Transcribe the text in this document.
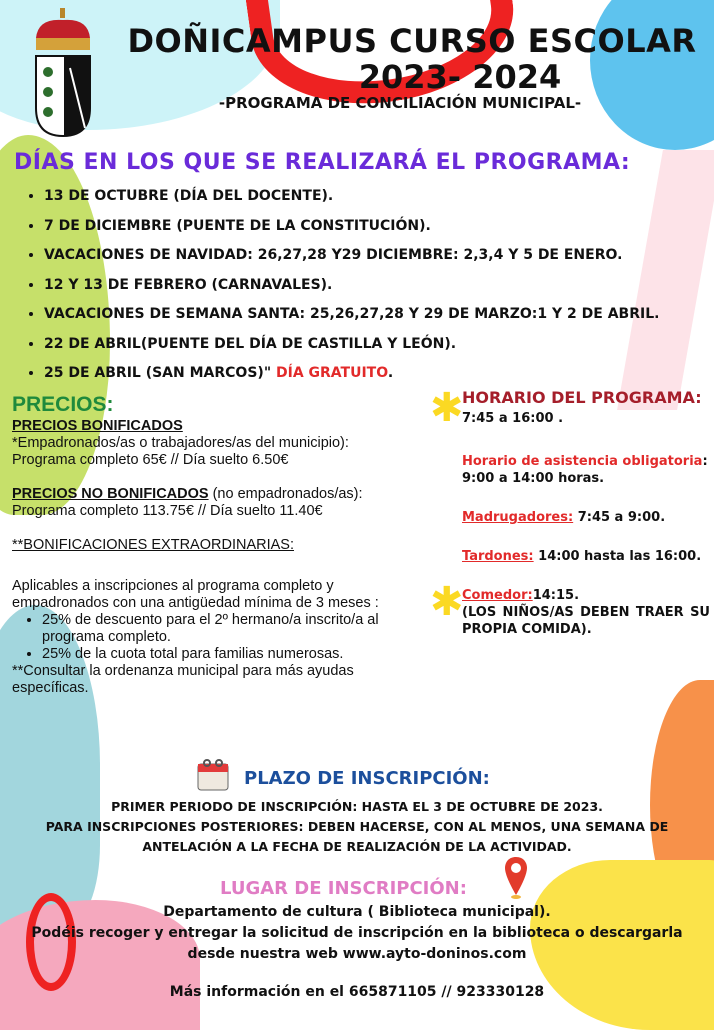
✱
✱
DOÑICAMPUS CURSO ESCOLAR
2023- 2024
-PROGRAMA DE CONCILIACIÓN MUNICIPAL-
DÍAS EN LOS QUE SE REALIZARÁ EL PROGRAMA:
• 13 DE OCTUBRE (DÍA DEL DOCENTE).
• 7 DE DICIEMBRE (PUENTE DE LA CONSTITUCIÓN).
• VACACIONES DE NAVIDAD: 26,27,28 Y29 DICIEMBRE: 2,3,4 Y 5 DE ENERO.
• 12 Y 13 DE FEBRERO (CARNAVALES).
• VACACIONES DE SEMANA SANTA: 25,26,27,28 Y 29 DE MARZO:1 Y 2 DE ABRIL.
• 22 DE ABRIL(PUENTE DEL DÍA DE CASTILLA Y LEÓN).
• 25 DE ABRIL (SAN MARCOS)" DÍA GRATUITO.
PRECIOS:
PRECIOS BONIFICADOS
*Empadronados/as o trabajadores/as del municipio):
Programa completo 65€ // Día suelto 6.50€
PRECIOS NO BONIFICADOS (no empadronados/as):
Programa completo 113.75€ // Día suelto 11.40€
**BONIFICACIONES EXTRAORDINARIAS:
Aplicables a inscripciones al programa completo y empadronados con una antigüedad mínima de 3 meses :
• 25% de descuento para el 2º hermano/a inscrito/a al programa completo.
• 25% de la cuota total para familias numerosas.
**Consultar la ordenanza municipal para más ayudas específicas.
HORARIO DEL PROGRAMA:
7:45 a 16:00 .
Horario de asistencia obligatoria:
9:00 a 14:00 horas.
Madrugadores: 7:45 a 9:00.
Tardones: 14:00 hasta las 16:00.
Comedor:14:15.
(LOS NIÑOS/AS DEBEN TRAER SU PROPIA COMIDA).
PLAZO DE INSCRIPCIÓN:
PRIMER PERIODO DE INSCRIPCIÓN: HASTA EL 3 DE OCTUBRE DE 2023.
PARA INSCRIPCIONES POSTERIORES: DEBEN HACERSE, CON AL MENOS, UNA SEMANA DE ANTELACIÓN A LA FECHA DE REALIZACIÓN DE LA ACTIVIDAD.
LUGAR DE INSCRIPCIÓN:
Departamento de cultura ( Biblioteca municipal).
Podéis recoger y entregar la solicitud de inscripción en la biblioteca o descargarla desde nuestra web www.ayto-doninos.com
Más información en el 665871105 // 923330128
